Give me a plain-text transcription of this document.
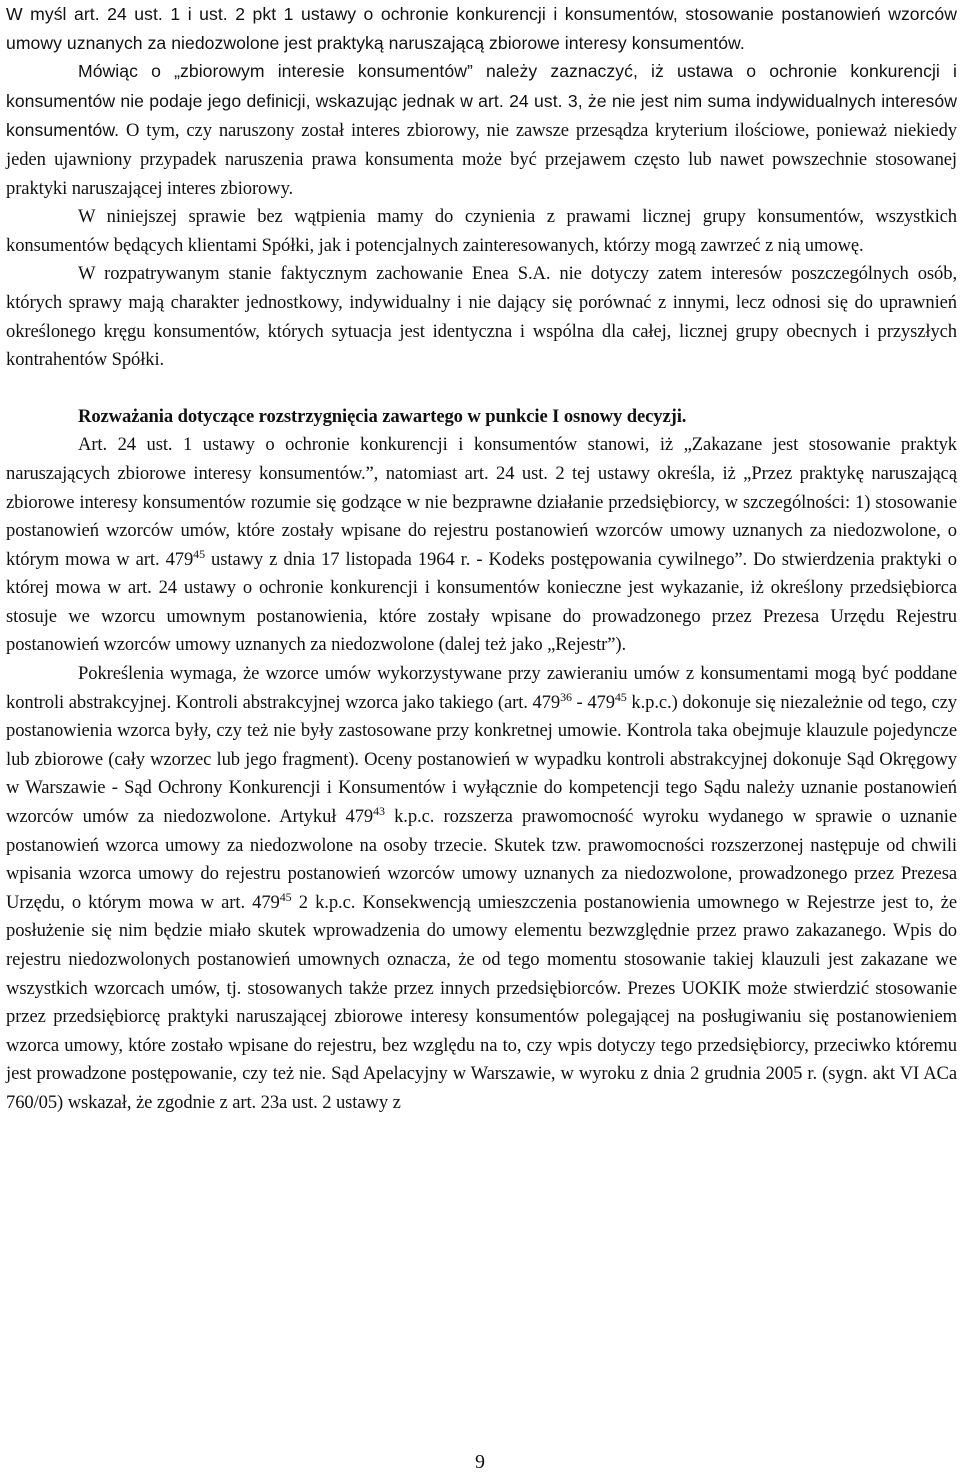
W myśl art. 24 ust. 1 i ust. 2 pkt 1 ustawy o ochronie konkurencji i konsumentów, stosowanie postanowień wzorców umowy uznanych za niedozwolone jest praktyką naruszającą zbiorowe interesy konsumentów.

Mówiąc o „zbiorowym interesie konsumentów” należy zaznaczyć, iż ustawa o ochronie konkurencji i konsumentów nie podaje jego definicji, wskazując jednak w art. 24 ust. 3, że nie jest nim suma indywidualnych interesów konsumentów. O tym, czy naruszony został interes zbiorowy, nie zawsze przesądza kryterium ilościowe, ponieważ niekiedy jeden ujawniony przypadek naruszenia prawa konsumenta może być przejawem często lub nawet powszechnie stosowanej praktyki naruszającej interes zbiorowy.

W niniejszej sprawie bez wątpienia mamy do czynienia z prawami licznej grupy konsumentów, wszystkich konsumentów będących klientami Spółki, jak i potencjalnych zainteresowanych, którzy mogą zawrzeć z nią umowę.

W rozpatrywanym stanie faktycznym zachowanie Enea S.A. nie dotyczy zatem interesów poszczególnych osób, których sprawy mają charakter jednostkowy, indywidualny i nie dający się porównać z innymi, lecz odnosi się do uprawnień określonego kręgu konsumentów, których sytuacja jest identyczna i wspólna dla całej, licznej grupy obecnych i przyszłych kontrahentów Spółki.

Rozważania dotyczące rozstrzygnięcia zawartego w punkcie I osnowy decyzji.

Art. 24 ust. 1 ustawy o ochronie konkurencji i konsumentów stanowi, iż „Zakazane jest stosowanie praktyk naruszających zbiorowe interesy konsumentów.”, natomiast art. 24 ust. 2 tej ustawy określa, iż „Przez praktykę naruszającą zbiorowe interesy konsumentów rozumie się godzące w nie bezprawne działanie przedsiębiorcy, w szczególności: 1) stosowanie postanowień wzorców umów, które zostały wpisane do rejestru postanowień wzorców umowy uznanych za niedozwolone, o którym mowa w art. $479^{45}$ ustawy z dnia 17 listopada 1964 r. - Kodeks postępowania cywilnego”. Do stwierdzenia praktyki o której mowa w art. 24 ustawy o ochronie konkurencji i konsumentów konieczne jest wykazanie, iż określony przedsiębiorca stosuje we wzorcu umownym postanowienia, które zostały wpisane do prowadzonego przez Prezesa Urzędu Rejestru postanowień wzorców umowy uznanych za niedozwolone (dalej też jako „Rejestr”).

Pokreślenia wymaga, że wzorce umów wykorzystywane przy zawieraniu umów z konsumentami mogą być poddane kontroli abstrakcyjnej. Kontroli abstrakcyjnej wzorca jako takiego (art. $479^{36} - 479^{45}$ k.p.c.) dokonuje się niezależnie od tego, czy postanowienia wzorca były, czy też nie były zastosowane przy konkretnej umowie. Kontrola taka obejmuje klauzule pojedyncze lub zbiorowe (cały wzorzec lub jego fragment). Oceny postanowień w wypadku kontroli abstrakcyjnej dokonuje Sąd Okręgowy w Warszawie - Sąd Ochrony Konkurencji i Konsumentów i wyłącznie do kompetencji tego Sądu należy uznanie postanowień wzorców umów za niedozwolone. Artykuł $479^{43}$ k.p.c. rozszerza prawomocność wyroku wydanego w sprawie o uznanie postanowień wzorca umowy za niedozwolone na osoby trzecie. Skutek tzw. prawomocności rozszerzonej następuje od chwili wpisania wzorca umowy do rejestru postanowień wzorców umowy uznanych za niedozwolone, prowadzonego przez Prezesa Urzędu, o którym mowa w art. $479^{45}$ 2 k.p.c. Konsekwencją umieszczenia postanowienia umownego w Rejestrze jest to, że posłużenie się nim będzie miało skutek wprowadzenia do umowy elementu bezwzględnie przez prawo zakazanego. Wpis do rejestru niedozwolonych postanowień umownych oznacza, że od tego momentu stosowanie takiej klauzuli jest zakazane we wszystkich wzorcach umów, tj. stosowanych także przez innych przedsiębiorców. Prezes UOKIK może stwierdzić stosowanie przez przedsiębiorcę praktyki naruszającej zbiorowe interesy konsumentów polegającej na posługiwaniu się postanowieniem wzorca umowy, które zostało wpisane do rejestru, bez względu na to, czy wpis dotyczy tego przedsiębiorcy, przeciwko któremu jest prowadzone postępowanie, czy też nie. Sąd Apelacyjny w Warszawie, w wyroku z dnia 2 grudnia 2005 r. (sygn. akt VI ACa 760/05) wskazał, że zgodnie z art. 23a ust. 2 ustawy z

9
